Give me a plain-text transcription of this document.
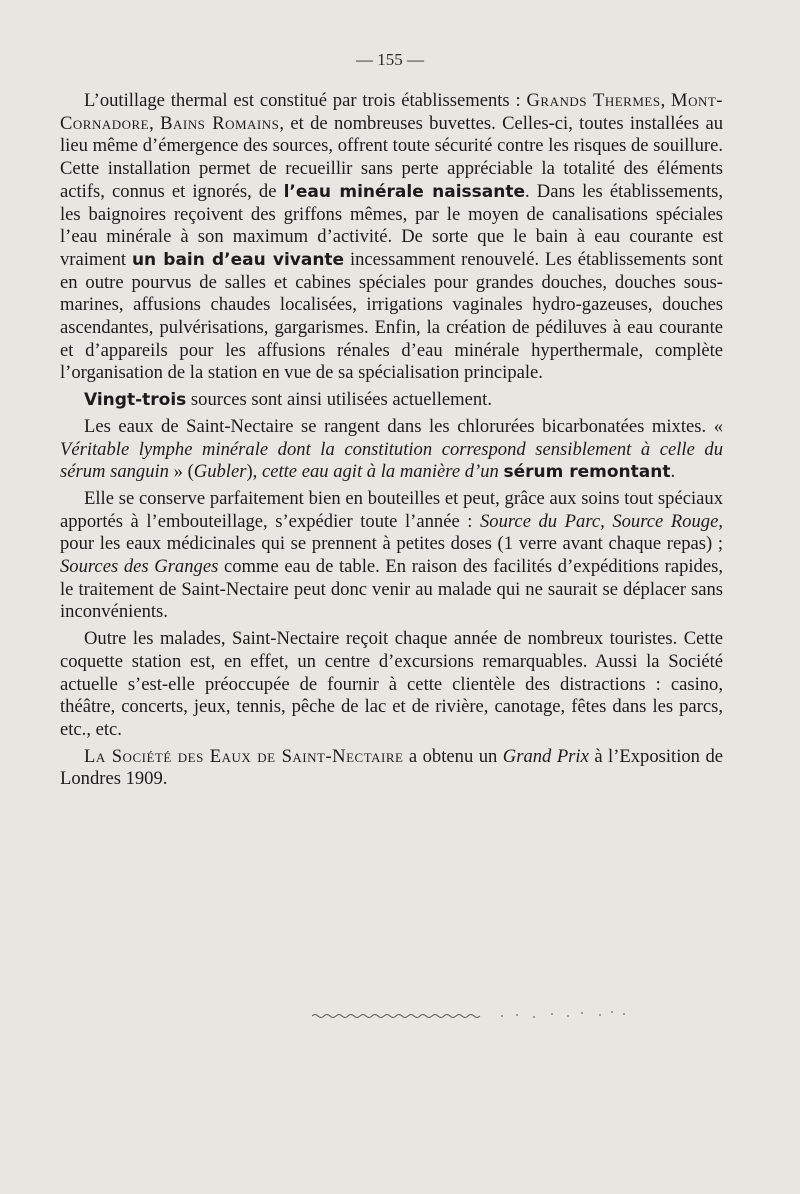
— 155 —

L’outillage thermal est constitué par trois établissements : Grands Thermes, Mont-Cornadore, Bains Romains, et de nombreuses buvettes. Celles-ci, toutes installées au lieu même d’émergence des sources, offrent toute sécurité contre les risques de souillure. Cette installation permet de recueillir sans perte appréciable la totalité des éléments actifs, connus et ignorés, de l’eau minérale naissante. Dans les établissements, les baignoires reçoivent des griffons mêmes, par le moyen de canalisations spéciales l’eau minérale à son maximum d’activité. De sorte que le bain à eau courante est vraiment un bain d’eau vivante incessamment renouvelé. Les établissements sont en outre pourvus de salles et cabines spéciales pour grandes douches, douches sous-marines, affusions chaudes localisées, irrigations vaginales hydro-gazeuses, douches ascendantes, pulvérisations, gargarismes. Enfin, la création de pédiluves à eau courante et d’appareils pour les affusions rénales d’eau minérale hyperthermale, complète l’organisation de la station en vue de sa spécialisation principale.

Vingt-trois sources sont ainsi utilisées actuellement.

Les eaux de Saint-Nectaire se rangent dans les chlorurées bicarbonatées mixtes. « Véritable lymphe minérale dont la constitution correspond sensiblement à celle du sérum sanguin » (Gubler), cette eau agit à la manière d’un sérum remontant.

Elle se conserve parfaitement bien en bouteilles et peut, grâce aux soins tout spéciaux apportés à l’embouteillage, s’expédier toute l’année : Source du Parc, Source Rouge, pour les eaux médicinales qui se prennent à petites doses (1 verre avant chaque repas) ; Sources des Granges comme eau de table. En raison des facilités d’expéditions rapides, le traitement de Saint-Nectaire peut donc venir au malade qui ne saurait se déplacer sans inconvénients.

Outre les malades, Saint-Nectaire reçoit chaque année de nombreux touristes. Cette coquette station est, en effet, un centre d’excursions remarquables. Aussi la Société actuelle s’est-elle préoccupée de fournir à cette clientèle des distractions : casino, théâtre, concerts, jeux, tennis, pêche de lac et de rivière, canotage, fêtes dans les parcs, etc., etc.

La Société des Eaux de Saint-Nectaire a obtenu un Grand Prix à l’Exposition de Londres 1909.
